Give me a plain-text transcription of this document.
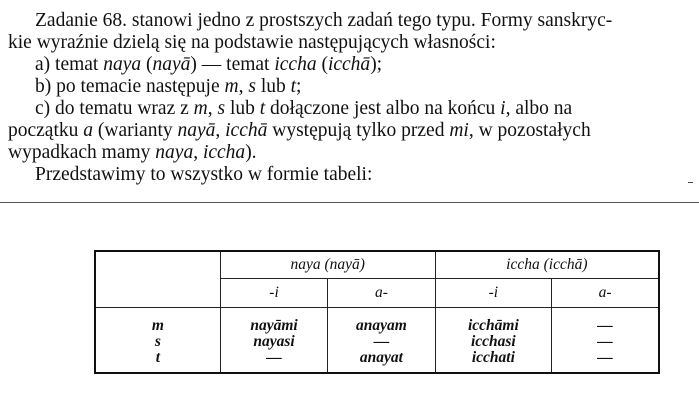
Zadanie 68. stanowi jedno z prostszych zadań tego typu. Formy sanskryc-
kie wyraźnie dzielą się na podstawie następujących własności:
a) temat naya (nayā) — temat iccha (icchā);
b) po temacie następuje m, s lub t;
c) do tematu wraz z m, s lub t dołączone jest albo na końcu i, albo na
początku a (warianty nayā, icchā występują tylko przed mi, w pozostałych
wypadkach mamy naya, iccha).
Przedstawimy to wszystko w formie tabeli:
	naya (nayā)		iccha (icchā)	
	-i	a-	-i	a-
m	nayāmi	anayam	icchāmi	—
s	nayasi	—	icchasi	—
t	—	anayat	icchati	—
